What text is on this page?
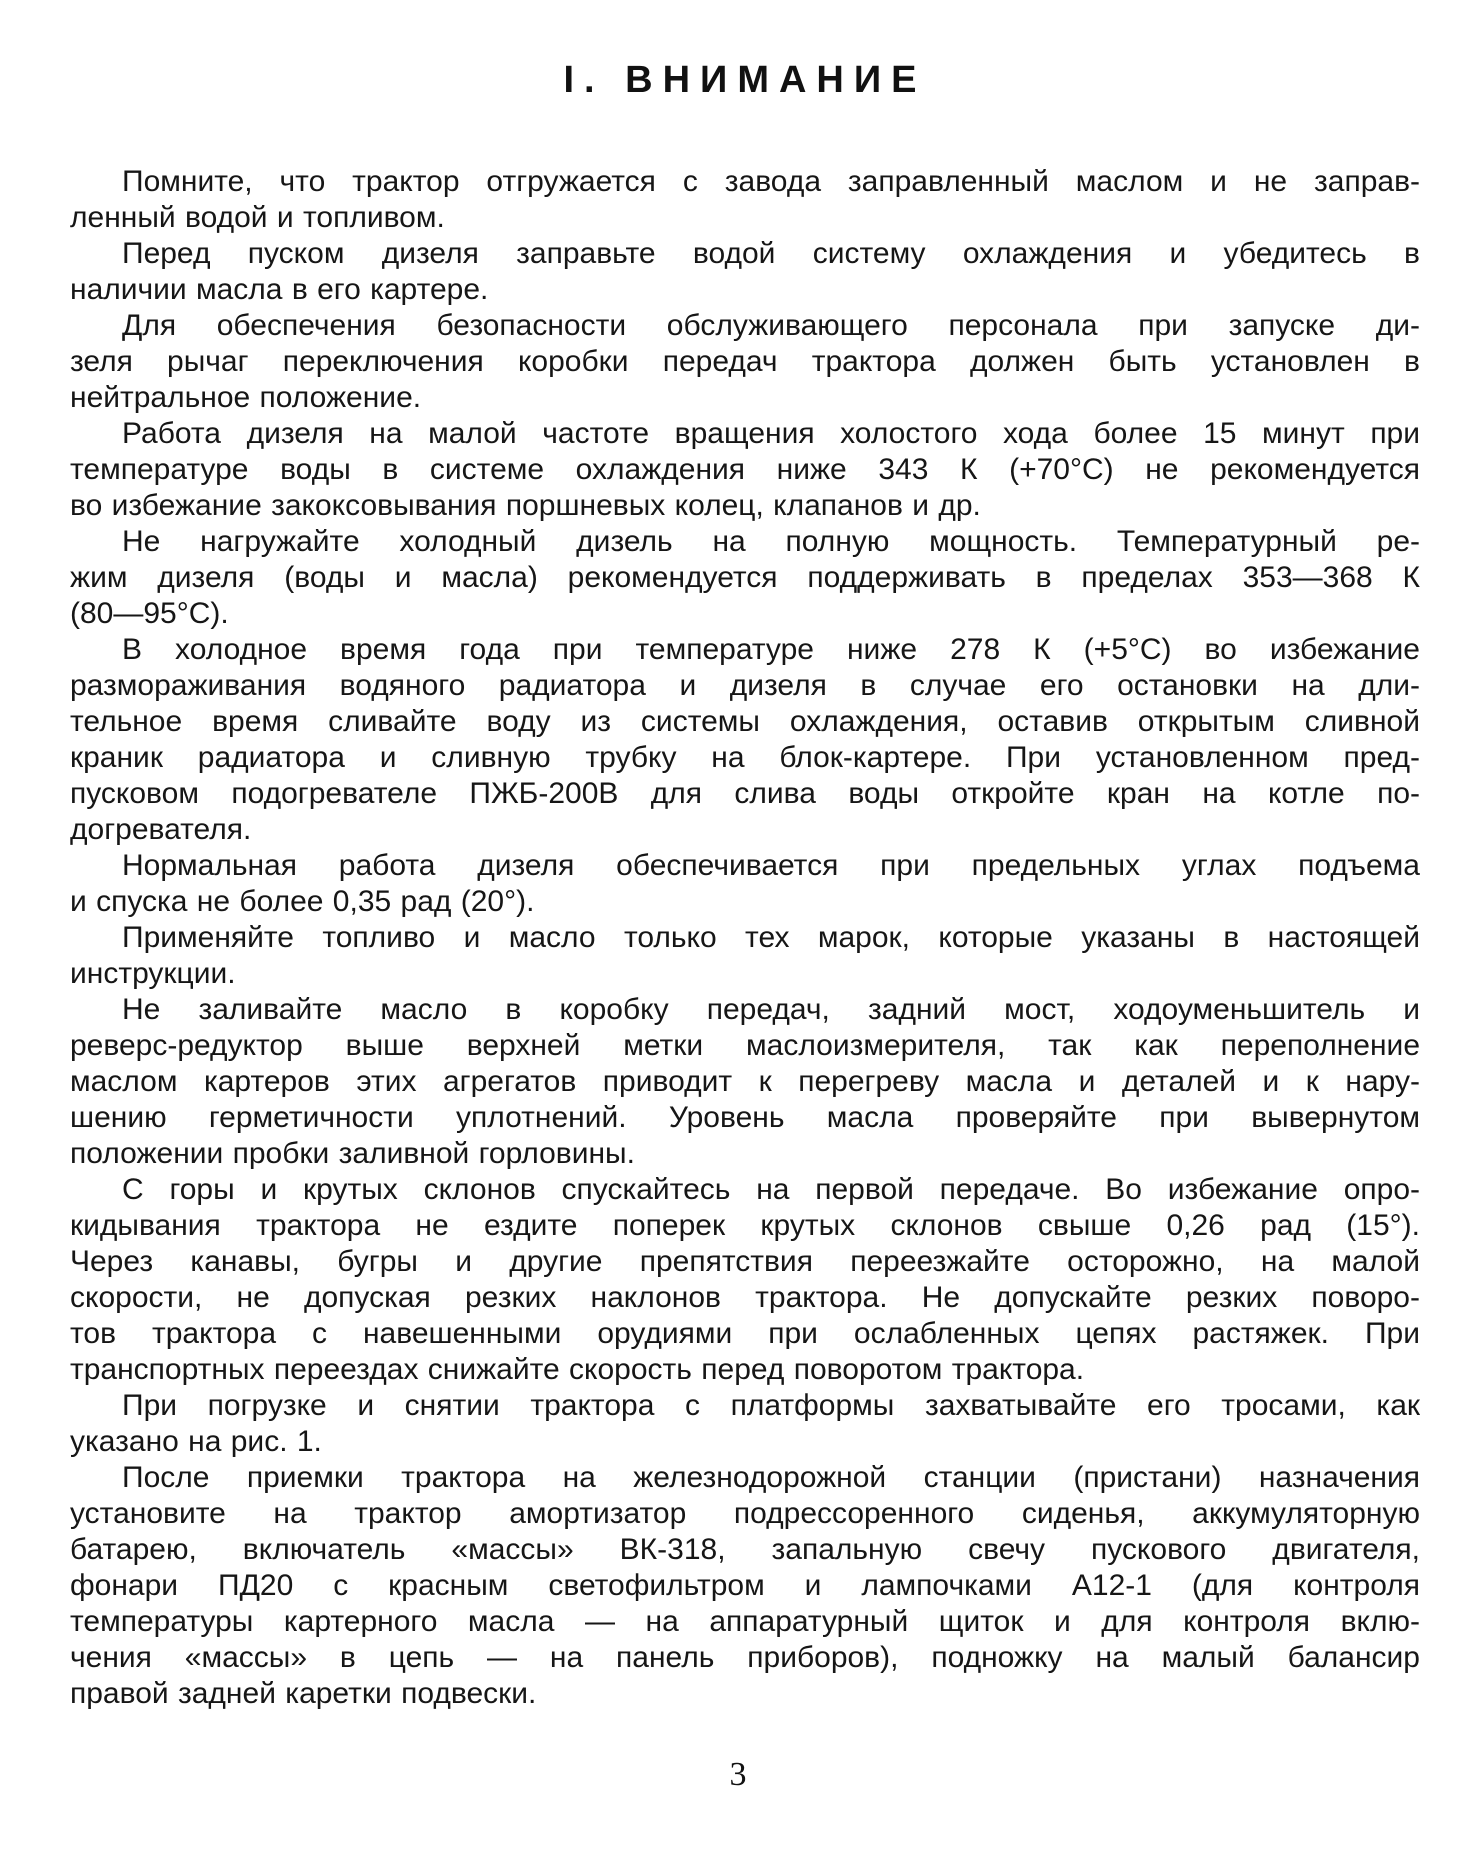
I. ВНИМАНИЕ
Помните, что трактор отгружается с завода заправленный маслом и не заправ-
ленный водой и топливом.
Перед пуском дизеля заправьте водой систему охлаждения и убедитесь в
наличии масла в его картере.
Для обеспечения безопасности обслуживающего персонала при запуске ди-
зеля рычаг переключения коробки передач трактора должен быть установлен в
нейтральное положение.
Работа дизеля на малой частоте вращения холостого хода более 15 минут при
температуре воды в системе охлаждения ниже 343 К (+70°С) не рекомендуется
во избежание закоксовывания поршневых колец, клапанов и др.
Не нагружайте холодный дизель на полную мощность. Температурный ре-
жим дизеля (воды и масла) рекомендуется поддерживать в пределах 353—368 К
(80—95°С).
В холодное время года при температуре ниже 278 К (+5°С) во избежание
размораживания водяного радиатора и дизеля в случае его остановки на дли-
тельное время сливайте воду из системы охлаждения, оставив открытым сливной
краник радиатора и сливную трубку на блок-картере. При установленном пред-
пусковом подогревателе ПЖБ-200В для слива воды откройте кран на котле по-
догревателя.
Нормальная работа дизеля обеспечивается при предельных углах подъема
и спуска не более 0,35 рад (20°).
Применяйте топливо и масло только тех марок, которые указаны в настоящей
инструкции.
Не заливайте масло в коробку передач, задний мост, ходоуменьшитель и
реверс-редуктор выше верхней метки маслоизмерителя, так как переполнение
маслом картеров этих агрегатов приводит к перегреву масла и деталей и к нару-
шению герметичности уплотнений. Уровень масла проверяйте при вывернутом
положении пробки заливной горловины.
С горы и крутых склонов спускайтесь на первой передаче. Во избежание опро-
кидывания трактора не ездите поперек крутых склонов свыше 0,26 рад (15°).
Через канавы, бугры и другие препятствия переезжайте осторожно, на малой
скорости, не допуская резких наклонов трактора. Не допускайте резких поворо-
тов трактора с навешенными орудиями при ослабленных цепях растяжек. При
транспортных переездах снижайте скорость перед поворотом трактора.
При погрузке и снятии трактора с платформы захватывайте его тросами, как
указано на рис. 1.
После приемки трактора на железнодорожной станции (пристани) назначения
установите на трактор амортизатор подрессоренного сиденья, аккумуляторную
батарею, включатель «массы» ВК-318, запальную свечу пускового двигателя,
фонари ПД20 с красным светофильтром и лампочками А12-1 (для контроля
температуры картерного масла — на аппаратурный щиток и для контроля вклю-
чения «массы» в цепь — на панель приборов), подножку на малый балансир
правой задней каретки подвески.
3
